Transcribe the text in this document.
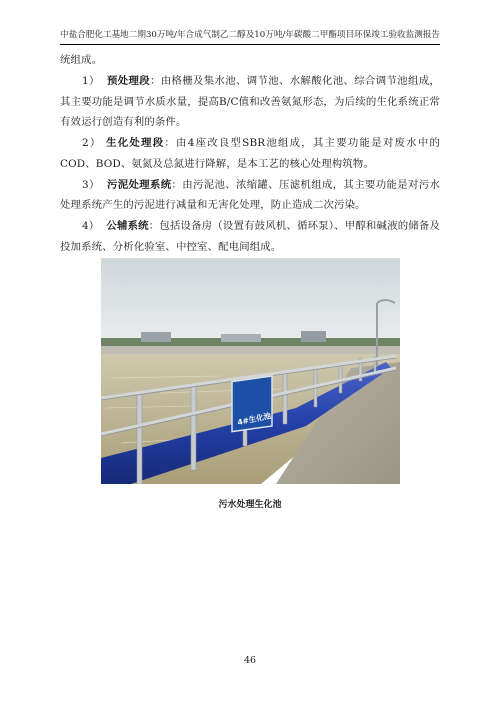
中盐合肥化工基地二期30万吨/年合成气制乙二醇及10万吨/年碳酸二甲酯项目环保竣工验收监测报告

统组成。

1） 预处理段：由格栅及集水池、调节池、水解酸化池、综合调节池组成，其主要功能是调节水质水量，提高B/C值和改善氨氮形态，为后续的生化系统正常有效运行创造有利的条件。

2） 生化处理段：由4座改良型SBR池组成，其主要功能是对废水中的COD、BOD、氨氮及总氮进行降解，是本工艺的核心处理构筑物。

3） 污泥处理系统：由污泥池、浓缩罐、压滤机组成，其主要功能是对污水处理系统产生的污泥进行减量和无害化处理，防止造成二次污染。

4） 公辅系统：包括设备房（设置有鼓风机、循环泵）、甲醇和碱液的储备及投加系统、分析化验室、中控室、配电间组成。

4#生化池
污水处理生化池
46
